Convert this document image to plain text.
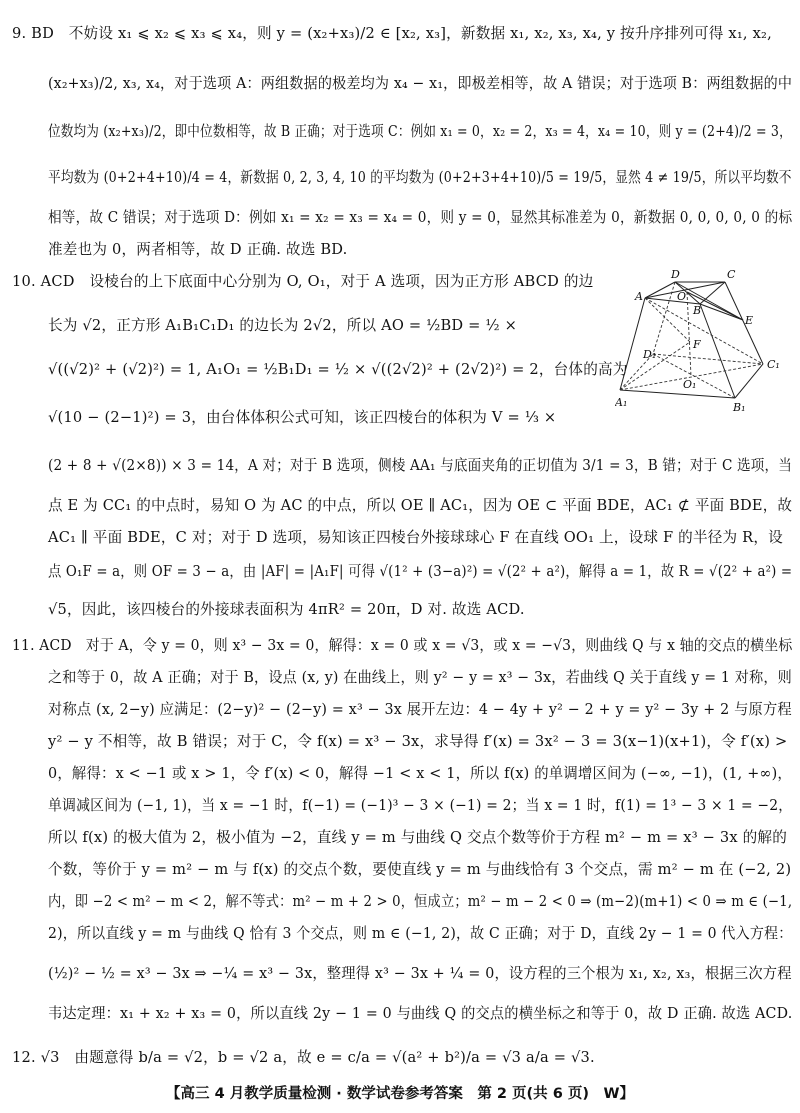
9. BD　不妨设 x₁ ⩽ x₂ ⩽ x₃ ⩽ x₄，则 y = (x₂+x₃)/2 ∈ [x₂, x₃]，新数据 x₁, x₂, x₃, x₄, y 按升序排列可得 x₁, x₂,
(x₂+x₃)/2, x₃, x₄，对于选项 A：两组数据的极差均为 x₄ − x₁，即极差相等，故 A 错误；对于选项 B：两组数据的中
位数均为 (x₂+x₃)/2，即中位数相等，故 B 正确；对于选项 C：例如 x₁ = 0，x₂ = 2，x₃ = 4，x₄ = 10，则 y = (2+4)/2 = 3，
平均数为 (0+2+4+10)/4 = 4，新数据 0, 2, 3, 4, 10 的平均数为 (0+2+3+4+10)/5 = 19/5，显然 4 ≠ 19/5，所以平均数不
相等，故 C 错误；对于选项 D：例如 x₁ = x₂ = x₃ = x₄ = 0，则 y = 0，显然其标准差为 0，新数据 0, 0, 0, 0, 0 的标
准差也为 0，两者相等，故 D 正确. 故选 BD.
10. ACD　设棱台的上下底面中心分别为 O, O₁，对于 A 选项，因为正方形 ABCD 的边
长为 √2，正方形 A₁B₁C₁D₁ 的边长为 2√2，所以 AO = ½BD = ½ ×
√((√2)² + (√2)²) = 1, A₁O₁ = ½B₁D₁ = ½ × √((2√2)² + (2√2)²) = 2，台体的高为
√(10 − (2−1)²) = 3，由台体体积公式可知，该正四棱台的体积为 V = ⅓ ×
(2 + 8 + √(2×8)) × 3 = 14，A 对；对于 B 选项，侧棱 AA₁ 与底面夹角的正切值为 3/1 = 3，B 错；对于 C 选项，当
点 E 为 CC₁ 的中点时，易知 O 为 AC 的中点，所以 OE ∥ AC₁，因为 OE ⊂ 平面 BDE，AC₁ ⊄ 平面 BDE，故
AC₁ ∥ 平面 BDE，C 对；对于 D 选项，易知该正四棱台外接球球心 F 在直线 OO₁ 上，设球 F 的半径为 R，设
点 O₁F = a，则 OF = 3 − a，由 |AF| = |A₁F| 可得 √(1² + (3−a)²) = √(2² + a²)，解得 a = 1，故 R = √(2² + a²) =
√5，因此，该四棱台的外接球表面积为 4πR² = 20π，D 对. 故选 ACD.
D	C
A	O
B
E
F
D₁
C₁
O₁
A₁	B₁
11. ACD　对于 A，令 y = 0，则 x³ − 3x = 0，解得：x = 0 或 x = √3，或 x = −√3，则曲线 Q 与 x 轴的交点的横坐标
之和等于 0，故 A 正确；对于 B，设点 (x, y) 在曲线上，则 y² − y = x³ − 3x，若曲线 Q 关于直线 y = 1 对称，则
对称点 (x, 2−y) 应满足：(2−y)² − (2−y) = x³ − 3x 展开左边：4 − 4y + y² − 2 + y = y² − 3y + 2 与原方程
y² − y 不相等，故 B 错误；对于 C，令 f(x) = x³ − 3x，求导得 f′(x) = 3x² − 3 = 3(x−1)(x+1)，令 f′(x) >
0，解得：x < −1 或 x > 1，令 f′(x) < 0，解得 −1 < x < 1，所以 f(x) 的单调增区间为 (−∞, −1)，(1, +∞)，
单调减区间为 (−1, 1)，当 x = −1 时，f(−1) = (−1)³ − 3 × (−1) = 2；当 x = 1 时，f(1) = 1³ − 3 × 1 = −2，
所以 f(x) 的极大值为 2，极小值为 −2，直线 y = m 与曲线 Q 交点个数等价于方程 m² − m = x³ − 3x 的解的
个数，等价于 y = m² − m 与 f(x) 的交点个数，要使直线 y = m 与曲线恰有 3 个交点，需 m² − m 在 (−2, 2)
内，即 −2 < m² − m < 2，解不等式：m² − m + 2 > 0，恒成立；m² − m − 2 < 0 ⇒ (m−2)(m+1) < 0 ⇒ m ∈ (−1,
2)，所以直线 y = m 与曲线 Q 恰有 3 个交点，则 m ∈ (−1, 2)，故 C 正确；对于 D，直线 2y − 1 = 0 代入方程：
(½)² − ½ = x³ − 3x ⇒ −¼ = x³ − 3x，整理得 x³ − 3x + ¼ = 0，设方程的三个根为 x₁, x₂, x₃，根据三次方程
韦达定理：x₁ + x₂ + x₃ = 0，所以直线 2y − 1 = 0 与曲线 Q 的交点的横坐标之和等于 0，故 D 正确. 故选 ACD.
12. √3　由题意得 b/a = √2，b = √2 a，故 e = c/a = √(a² + b²)/a = √3 a/a = √3.
【高三 4 月教学质量检测 · 数学试卷参考答案　第 2 页(共 6 页)　W】
